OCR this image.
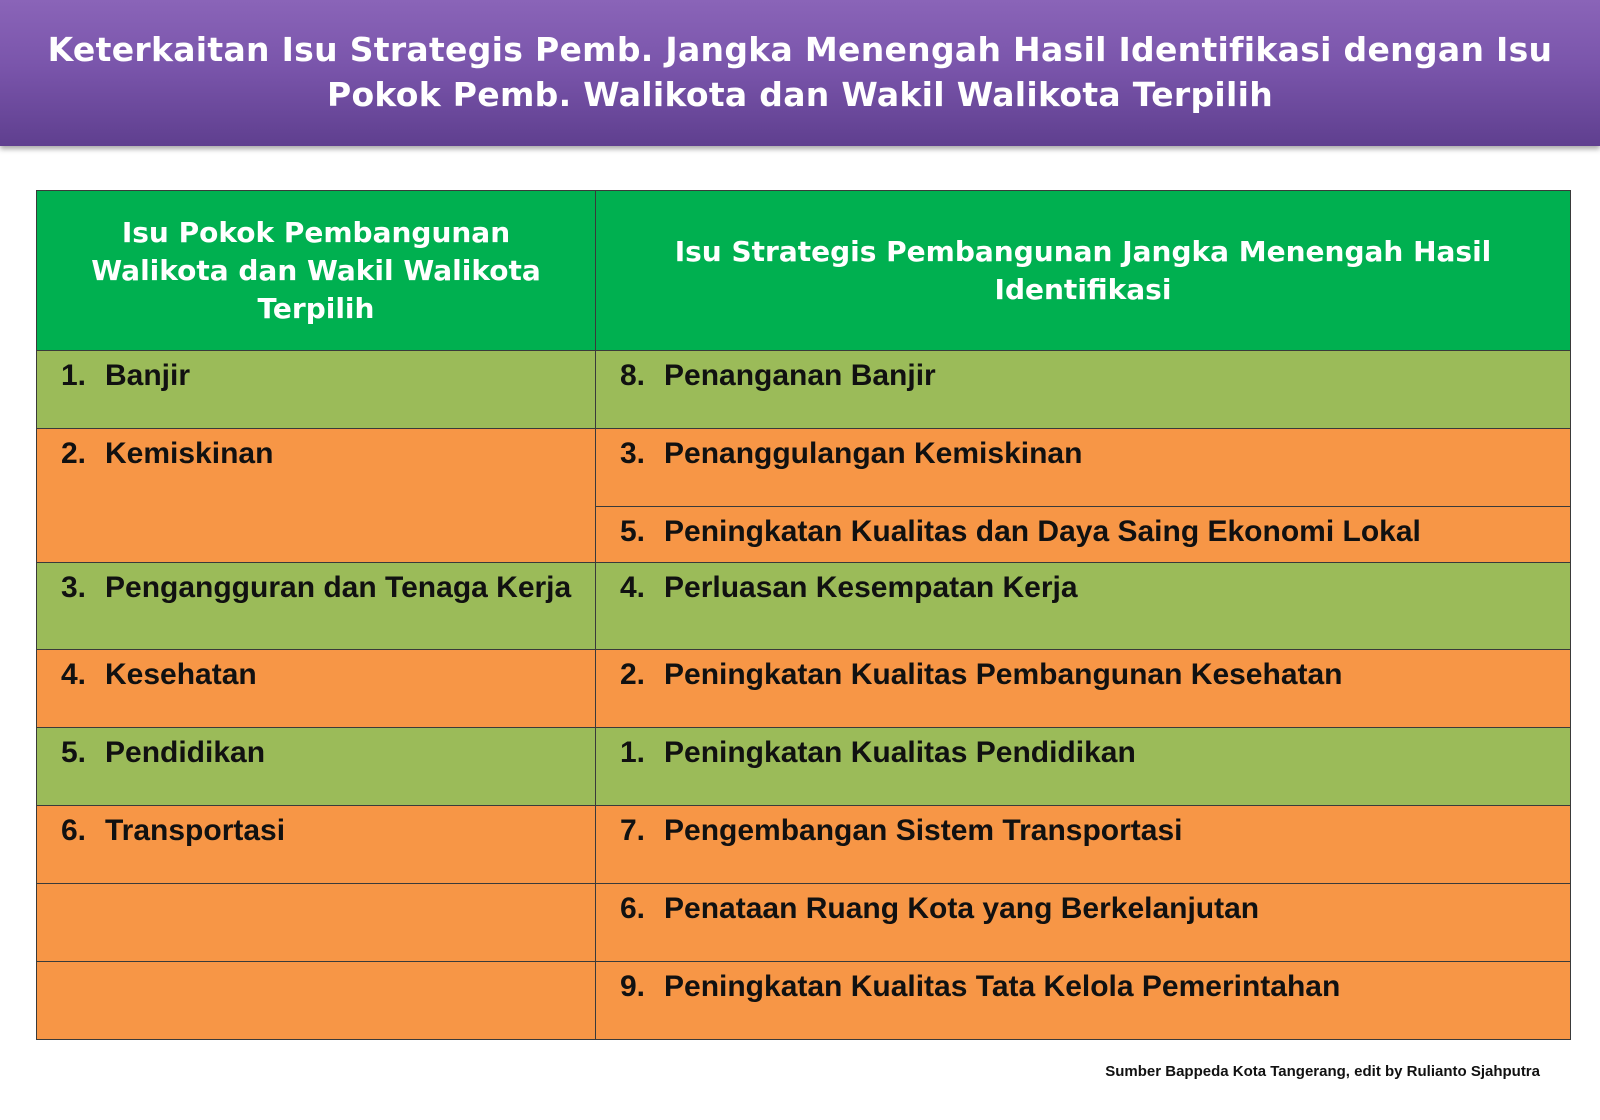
Keterkaitan Isu Strategis Pemb. Jangka Menengah Hasil Identifikasi dengan Isu Pokok Pemb. Walikota dan Wakil Walikota Terpilih
Isu Pokok Pembangunan Walikota dan Wakil Walikota Terpilih	Isu Strategis Pembangunan Jangka Menengah Hasil Identifikasi

1. Banjir	8. Penanganan Banjir

2. Kemiskinan	3. Penanggulangan Kemiskinan

	5. Peningkatan Kualitas dan Daya Saing Ekonomi Lokal

3. Pengangguran dan Tenaga Kerja	4. Perluasan Kesempatan Kerja

4. Kesehatan	2. Peningkatan Kualitas Pembangunan Kesehatan

5. Pendidikan	1. Peningkatan Kualitas Pendidikan

6. Transportasi	7. Pengembangan Sistem Transportasi

	6. Penataan Ruang Kota yang Berkelanjutan

	9. Peningkatan Kualitas Tata Kelola Pemerintahan
Sumber Bappeda Kota Tangerang, edit by Rulianto Sjahputra
